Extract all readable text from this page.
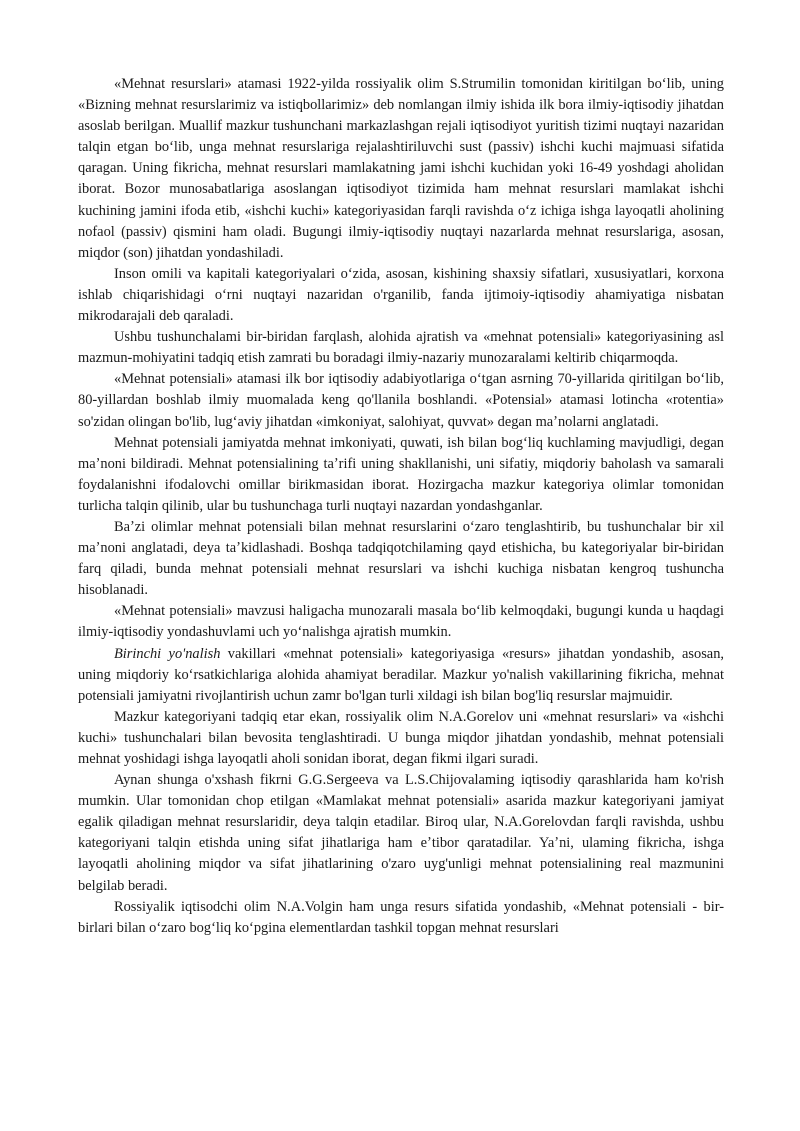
«Mehnat resurslari» atamasi 1922-yilda rossiyalik olim S.Strumilin tomonidan kiritilgan boʻlib, uning «Bizning mehnat resurslarimiz va istiqbollarimiz» deb nomlangan ilmiy ishida ilk bora ilmiy-iqtisodiy jihatdan asoslab berilgan. Muallif mazkur tushunchani markazlashgan rejali iqtisodiyot yuritish tizimi nuqtayi nazaridan talqin etgan boʻlib, unga mehnat resurslariga rejalashtiriluvchi sust (passiv) ishchi kuchi majmuasi sifatida qaragan. Uning fikricha, mehnat resurslari mamlakatning jami ishchi kuchidan yoki 16-49 yoshdagi aholidan iborat. Bozor munosabatlariga asoslangan iqtisodiyot tizimida ham mehnat resurslari mamlakat ishchi kuchining jamini ifoda etib, «ishchi kuchi» kategoriyasidan farqli ravishda oʻz ichiga ishga layoqatli aholining nofaol (passiv) qismini ham oladi. Bugungi ilmiy-iqtisodiy nuqtayi nazarlarda mehnat resurslariga, asosan, miqdor (son) jihatdan yondashiladi.

Inson omili va kapitali kategoriyalari oʻzida, asosan, kishining shaxsiy sifatlari, xususiyatlari, korxona ishlab chiqarishidagi oʻrni nuqtayi nazaridan o'rganilib, fanda ijtimoiy-iqtisodiy ahamiyatiga nisbatan mikrodarajali deb qaraladi.

Ushbu tushunchalami bir-biridan farqlash, alohida ajratish va «mehnat potensiali» kategoriyasining asl mazmun-mohiyatini tadqiq etish zamrati bu boradagi ilmiy-nazariy munozaralami keltirib chiqarmoqda.

«Mehnat potensiali» atamasi ilk bor iqtisodiy adabiyotlariga oʻtgan asrning 70-yillarida qiritilgan boʻlib, 80-yillardan boshlab ilmiy muomalada keng qo'llanila boshlandi. «Potensial» atamasi lotincha «rotentia» so'zidan olingan bo'lib, lugʻaviy jihatdan «imkoniyat, salohiyat, quvvat» degan maʼnolarni anglatadi.

Mehnat potensiali jamiyatda mehnat imkoniyati, quwati, ish bilan bogʻliq kuchlaming mavjudligi, degan maʼnoni bildiradi. Mehnat potensialining taʼrifi uning shakllanishi, uni sifatiy, miqdoriy baholash va samarali foydalanishni ifodalovchi omillar birikmasidan iborat. Hozirgacha mazkur kategoriya olimlar tomonidan turlicha talqin qilinib, ular bu tushunchaga turli nuqtayi nazardan yondashganlar.

Baʼzi olimlar mehnat potensiali bilan mehnat resurslarini oʻzaro tenglashtirib, bu tushunchalar bir xil maʼnoni anglatadi, deya taʼkidlashadi. Boshqa tadqiqotchilaming qayd etishicha, bu kategoriyalar bir-biridan farq qiladi, bunda mehnat potensiali mehnat resurslari va ishchi kuchiga nisbatan kengroq tushuncha hisoblanadi.

«Mehnat potensiali» mavzusi haligacha munozarali masala boʻlib kelmoqdaki, bugungi kunda u haqdagi ilmiy-iqtisodiy yondashuvlami uch yoʻnalishga ajratish mumkin.

Birinchi yo'nalish vakillari «mehnat potensiali» kategoriyasiga «resurs» jihatdan yondashib, asosan, uning miqdoriy koʻrsatkichlariga alohida ahamiyat beradilar. Mazkur yo'nalish vakillarining fikricha, mehnat potensiali jamiyatni rivojlantirish uchun zamr bo'lgan turli xildagi ish bilan bog'liq resurslar majmuidir.

Mazkur kategoriyani tadqiq etar ekan, rossiyalik olim N.A.Gorelov uni «mehnat resurslari» va «ishchi kuchi» tushunchalari bilan bevosita tenglashtiradi. U bunga miqdor jihatdan yondashib, mehnat potensiali mehnat yoshidagi ishga layoqatli aholi sonidan iborat, degan fikmi ilgari suradi.

Aynan shunga o'xshash fikrni G.G.Sergeeva va L.S.Chijovalaming iqtisodiy qarashlarida ham ko'rish mumkin. Ular tomonidan chop etilgan «Mamlakat mehnat potensiali» asarida mazkur kategoriyani jamiyat egalik qiladigan mehnat resurslaridir, deya talqin etadilar. Biroq ular, N.A.Gorelovdan farqli ravishda, ushbu kategoriyani talqin etishda uning sifat jihatlariga ham eʼtibor qaratadilar. Yaʼni, ulaming fikricha, ishga layoqatli aholining miqdor va sifat jihatlarining o'zaro uyg'unligi mehnat potensialining real mazmunini belgilab beradi.

Rossiyalik iqtisodchi olim N.A.Volgin ham unga resurs sifatida yondashib, «Mehnat potensiali - bir-birlari bilan oʻzaro bogʻliq koʻpgina elementlardan tashkil topgan mehnat resurslari
